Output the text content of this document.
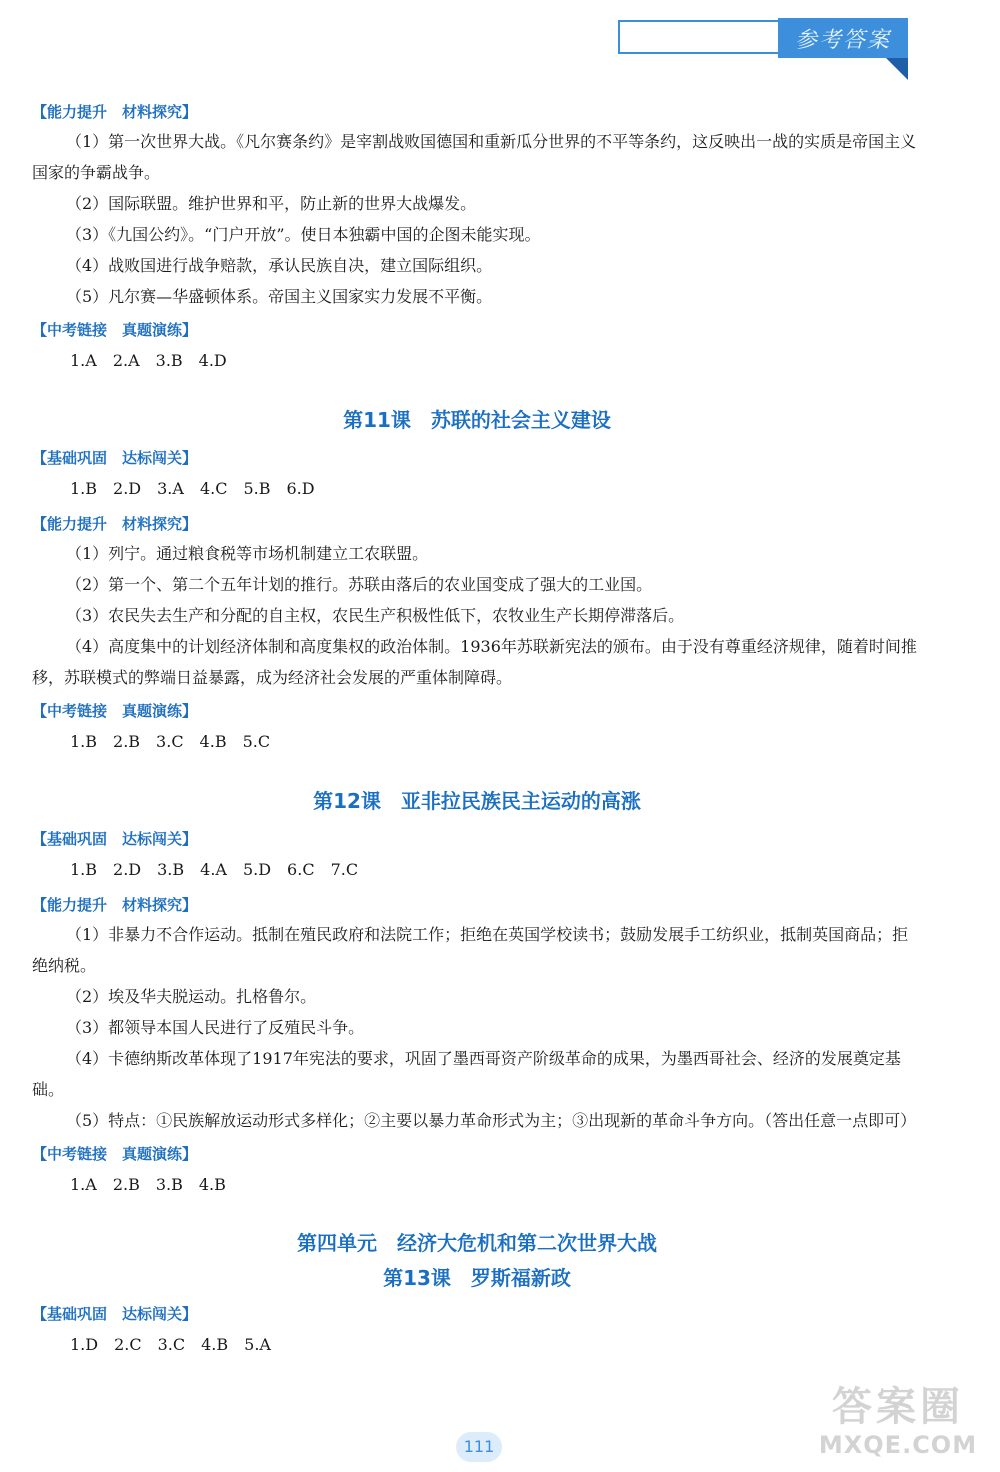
参考答案
【能力提升　材料探究】
（1）第一次世界大战。《凡尔赛条约》是宰割战败国德国和重新瓜分世界的不平等条约，这反映出一战的实质是帝国主义国家的争霸战争。
（2）国际联盟。维护世界和平，防止新的世界大战爆发。
（3）《九国公约》。“门户开放”。使日本独霸中国的企图未能实现。
（4）战败国进行战争赔款，承认民族自决，建立国际组织。
（5）凡尔赛—华盛顿体系。帝国主义国家实力发展不平衡。
【中考链接　真题演练】
1.A　2.A　3.B　4.D
第11课　苏联的社会主义建设
【基础巩固　达标闯关】
1.B　2.D　3.A　4.C　5.B　6.D
【能力提升　材料探究】
（1）列宁。通过粮食税等市场机制建立工农联盟。
（2）第一个、第二个五年计划的推行。苏联由落后的农业国变成了强大的工业国。
（3）农民失去生产和分配的自主权，农民生产积极性低下，农牧业生产长期停滞落后。
（4）高度集中的计划经济体制和高度集权的政治体制。1936年苏联新宪法的颁布。由于没有尊重经济规律，随着时间推移，苏联模式的弊端日益暴露，成为经济社会发展的严重体制障碍。
【中考链接　真题演练】
1.B　2.B　3.C　4.B　5.C
第12课　亚非拉民族民主运动的高涨
【基础巩固　达标闯关】
1.B　2.D　3.B　4.A　5.D　6.C　7.C
【能力提升　材料探究】
（1）非暴力不合作运动。抵制在殖民政府和法院工作；拒绝在英国学校读书；鼓励发展手工纺织业，抵制英国商品；拒绝纳税。
（2）埃及华夫脱运动。扎格鲁尔。
（3）都领导本国人民进行了反殖民斗争。
（4）卡德纳斯改革体现了1917年宪法的要求，巩固了墨西哥资产阶级革命的成果，为墨西哥社会、经济的发展奠定基础。
（5）特点：①民族解放运动形式多样化；②主要以暴力革命形式为主；③出现新的革命斗争方向。（答出任意一点即可）
【中考链接　真题演练】
1.A　2.B　3.B　4.B
第四单元　经济大危机和第二次世界大战
第13课　罗斯福新政
【基础巩固　达标闯关】
1.D　2.C　3.C　4.B　5.A
111
答案圈
MXQE.COM
